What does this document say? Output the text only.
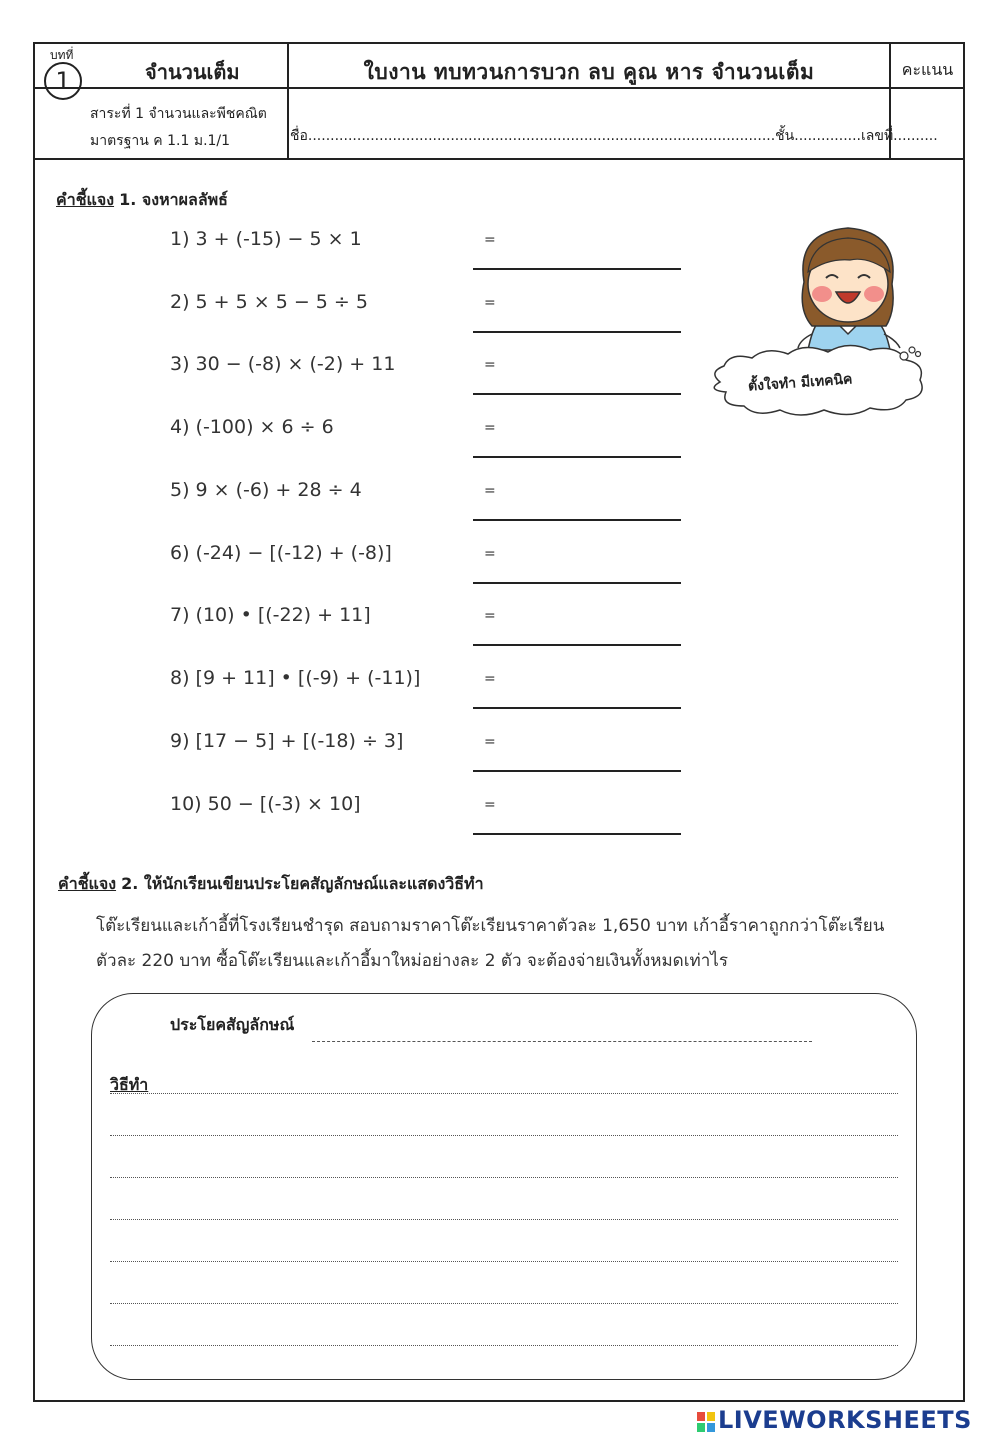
บทที่
1	จำนวนเต็ม	ใบงาน ทบทวนการบวก ลบ คูณ หาร จำนวนเต็ม	คะแนน
สาระที่ 1 จำนวนและพีชคณิต
มาตรฐาน ค 1.1 ม.1/1	ชื่อ.........................................................................................................ชั้น...............เลขที่..........
คำชี้แจง 1. จงหาผลลัพธ์
1) 3 + (-15) − 5 × 1
2) 5 + 5 × 5 − 5 ÷ 5
3) 30 − (-8) × (-2) + 11
4) (-100) × 6 ÷ 6
5) 9 × (-6) + 28 ÷ 4
6) (-24) − [(-12) + (-8)]
7) (10) • [(-22) + 11]
8) [9 + 11] • [(-9) + (-11)]
9) [17 − 5] + [(-18) ÷ 3]
10) 50 − [(-3) × 10]
=
=
=
=
=
=
=
=
=
=
ตั้งใจทำ มีเทคนิค
คำชี้แจง 2. ให้นักเรียนเขียนประโยคสัญลักษณ์และแสดงวิธีทำ
โต๊ะเรียนและเก้าอี้ที่โรงเรียนชำรุด สอบถามราคาโต๊ะเรียนราคาตัวละ 1,650 บาท เก้าอี้ราคาถูกกว่าโต๊ะเรียน
ตัวละ 220 บาท ซื้อโต๊ะเรียนและเก้าอี้มาใหม่อย่างละ 2 ตัว จะต้องจ่ายเงินทั้งหมดเท่าไร
ประโยคสัญลักษณ์
วิธีทำ
LIVEWORKSHEETS
